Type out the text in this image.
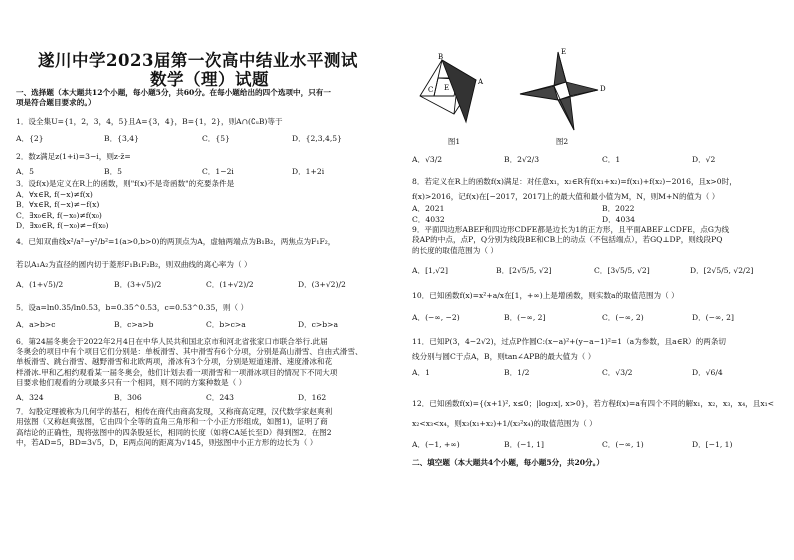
遂川中学2023届第一次高中结业水平测试
数学（理）试题
一、选择题（本大题共12个小题，每小题5分，共60分。在每小题给出的四个选项中，只有一
项是符合题目要求的。）
1．设全集U={1，2，3，4，5}且A={3，4}，B={1，2}，则A∩(∁ᵤB)等于
A．{2}	B．{3,4}	C．{5}	D．{2,3,4,5}
2．数z满足z(1+i)=3−i，则z·z̄=
A．5	B．5	C．1−2i	D．1+2i
3．设f(x)是定义在R上的函数，则"f(x)不是奇函数"的充要条件是
A．∀x∈R, f(−x)≠f(x)
B．∀x∈R, f(−x)≠−f(x)
C．∃x₀∈R, f(−x₀)≠f(x₀)
D．∃x₀∈R, f(−x₀)≠−f(x₀)
4．已知双曲线x²/a²−y²/b²=1(a>0,b>0)的两顶点为A，虚轴两端点为B₁B₂，两焦点为F₁F₂，
若以A₁A₂为直径的圆内切于菱形F₁B₁F₂B₂，则双曲线的离心率为（ ）
A．(1+√5)/2	B．(3+√5)/2	C．(1+√2)/2	D．(3+√2)/2
5．设a=ln0.35/ln0.53，b=0.35^0.53，c=0.53^0.35，则（ ）
A．a>b>c	B．c>a>b	C．b>c>a	D．c>b>a
6．第24届冬奥会于2022年2月4日在中华人民共和国北京市和河北省张家口市联合举行.此届
冬奥会的项目中有个项目它们分别是：单板滑雪、其中滑雪有6个分项，分别是高山滑雪、自由式滑雪、
单板滑雪、跳台滑雪、越野滑雪和北欧两项，滑冰有3个分项，分别是短道速滑、速度滑冰和花
样滑冰.甲和乙相约观看某一届冬奥会，他们计划去看一项滑雪和一项滑冰项目的情况下不同大项
目要求他们观看的分项最多只有一个相同，则不同的方案种数是（ ）
A．324	B．306	C．243	D．162
7．勾股定理被称为几何学的基石，相传在商代由商高发现，又称商高定理，汉代数学家赵爽利
用弦图（又称赵爽弦图，它由四个全等的直角三角形和一个小正方形组成，如图1)，证明了商
高结论的正确性，现将弦图中的四条股延长，相同的长度（如将CA延长至D）得到图2．在图2
中，若AD=5，BD=3√5，D，E两点间的距离为√145，则弦图中小正方形的边长为（ ）
B
C E
A
图1
E
D
图2
A．√3/2	B．2√2/3	C．1	D．√2
8．若定义在R上的函数f(x)满足：对任意x₁，x₂∈R有f(x₁+x₂)=f(x₁)+f(x₂)−2016，且x>0时，
f(x)>2016，记f(x)在[−2017，2017]上的最大值和最小值为M，N，则M+N的值为（ ）
A．2021	B．2022
C．4032	D．4034
9．平面四边形ABEF和四边形CDFE都是边长为1的正方形，且平面ABEF⊥CDFE，点G为线
段AP的中点，点P，Q分别为线段BE和CB上的动点（不包括端点），若GQ⊥DP，则线段PQ
的长度的取值范围为（ ）
A．[1,√2]	B．[2√5/5, √2]	C．[3√5/5, √2]	D．[2√5/5, √2/2]
10．已知函数f(x)=x²+a/x在[1，+∞)上是增函数，则实数a的取值范围为（ ）
A．(−∞, −2)	B．(−∞, 2]	C．(−∞, 2)	D．(−∞, 2]
11．已知P(3，4−2√2)，过点P作圆C:(x−a)²+(y−a−1)²=1（a为参数，且a∈R）的两条切
线分别与圆C于点A，B，则tan∠APB的最大值为（ ）
A．1	B．1/2	C．√3/2	D．√6/4
12．已知函数f(x)={(x+1)², x≤0；|log₂x|, x>0}，若方程f(x)=a有四个不同的解x₁，x₂，x₃，x₄，且x₁<
x₂<x₃<x₄，则x₃(x₁+x₂)+1/(x₃²x₄)的取值范围为（ ）
A．(−1, +∞)	B．(−1, 1]	C．(−∞, 1)	D．[−1, 1)
二、填空题（本大题共4个小题，每小题5分，共20分。）
